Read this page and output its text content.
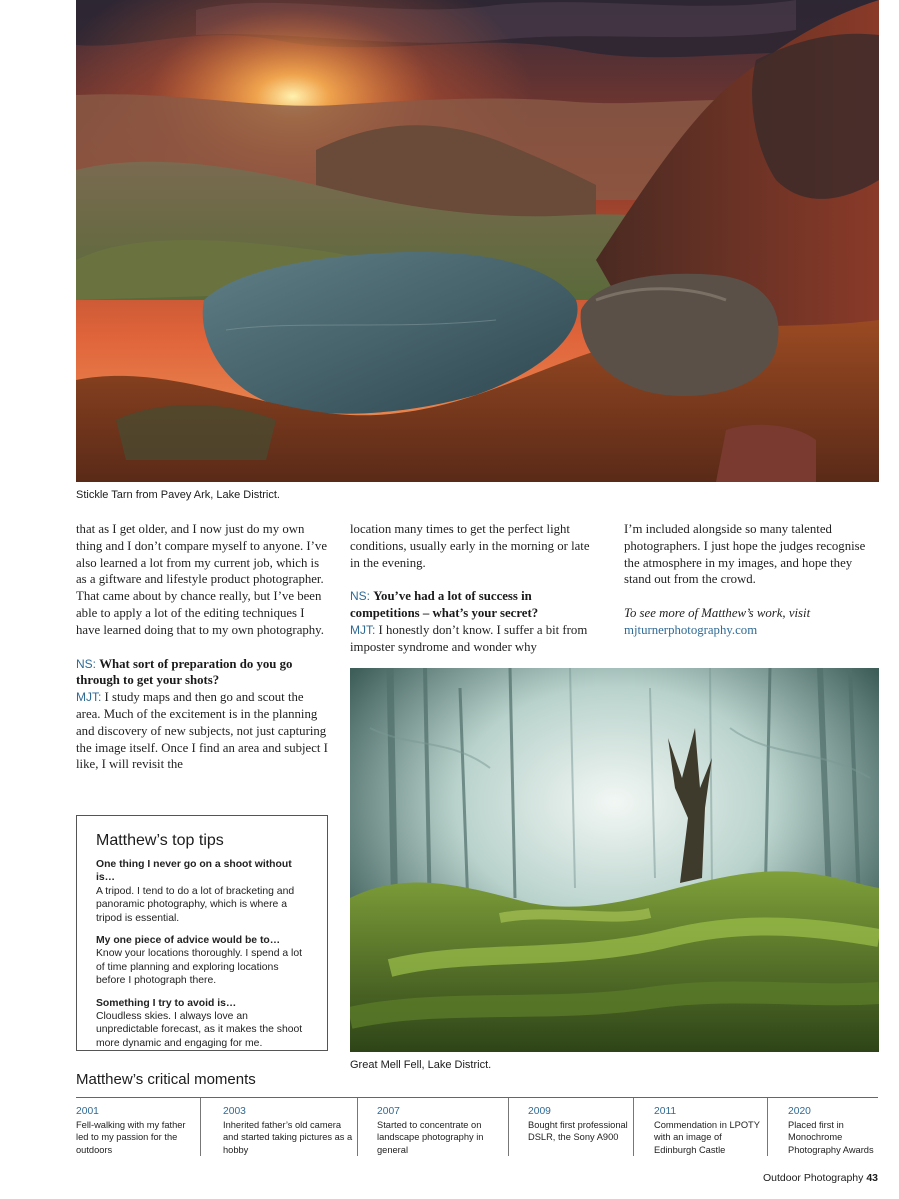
Stickle Tarn from Pavey Ark, Lake District.

that as I get older, and I now just do my own thing and I don’t compare myself to anyone. I’ve also learned a lot from my current job, which is as a giftware and lifestyle product photographer. That came about by chance really, but I’ve been able to apply a lot of the editing techniques I have learned doing that to my own photography.

NS: What sort of preparation do you go through to get your shots?

MJT: I study maps and then go and scout the area. Much of the excitement is in the planning and discovery of new subjects, not just capturing the image itself. Once I find an area and subject I like, I will revisit the

location many times to get the perfect light conditions, usually early in the morning or late in the evening.

NS: You’ve had a lot of success in competitions – what’s your secret?

MJT: I honestly don’t know. I suffer a bit from imposter syndrome and wonder why

I’m included alongside so many talented photographers. I just hope the judges recognise the atmosphere in my images, and hope they stand out from the crowd.

To see more of Matthew’s work, visit mjturnerphotography.com

Great Mell Fell, Lake District.
Matthew’s top tips
One thing I never go on a shoot without is…
A tripod. I tend to do a lot of bracketing and panoramic photography, which is where a tripod is essential.
My one piece of advice would be to…
Know your locations thoroughly. I spend a lot of time planning and exploring locations before I photograph there.
Something I try to avoid is…
Cloudless skies. I always love an unpredictable forecast, as it makes the shoot more dynamic and engaging for me.
Matthew’s critical moments
2001
Fell-walking with my father led to my passion for the outdoors
2003
Inherited father’s old camera and started taking pictures as a hobby
2007
Started to concentrate on landscape photography in general
2009
Bought first professional DSLR, the Sony A900
2011
Commendation in LPOTY with an image of Edinburgh Castle
2020
Placed first in Monochrome Photography Awards
Outdoor Photography 43
